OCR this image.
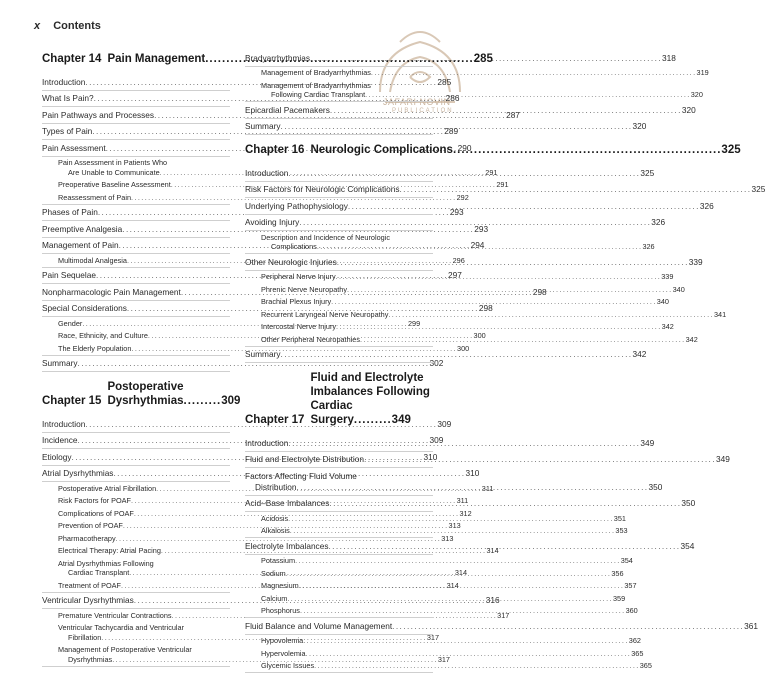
x Contents
JAFARI NOVIN
PUBLICATION
Chapter 14 Pain Management .....	285
Introduction .....	285
What Is Pain? .....	286
Pain Pathways and Processes .....	287
Types of Pain .....	289
Pain Assessment .....	290
Pain Assessment in Patients Who
Are Unable to Communicate .....	291
Preoperative Baseline Assessment .....	291
Reassessment of Pain .....	292
Phases of Pain .....	293
Preemptive Analgesia .....	293
Management of Pain .....	294
Multimodal Analgesia .....	296
Pain Sequelae .....	297
Nonpharmacologic Pain Management .....	298
Special Considerations .....	298
Gender .....	299
Race, Ethnicity, and Culture .....	300
The Elderly Population .....	300
Summary .....	302
Chapter 15
Postoperative
Dysrhythmias .....	309
Introduction .....	309
Incidence .....	309
Etiology .....	310
Atrial Dysrhythmias .....	310
Postoperative Atrial Fibrillation .....	311
Risk Factors for POAF .....	311
Complications of POAF .....	312
Prevention of POAF .....	313
Pharmacotherapy .....	313
Electrical Therapy: Atrial Pacing .....	314
Atrial Dysrhythmias Following
Cardiac Transplant .....	314
Treatment of POAF .....	314
Ventricular Dysrhythmias .....	316
Premature Ventricular Contractions .....	317
Ventricular Tachycardia and Ventricular
Fibrillation .....	317
Management of Postoperative Ventricular
Dysrhythmias .....	317
Bradyarrhythmias .....	318
Management of Bradyarrhythmias .....	319
Management of Bradyarrhythmias
Following Cardiac Transplant .....	320
Epicardial Pacemakers .....	320
Summary .....	320
Chapter 16 Neurologic Complications .....	325
Introduction .....	325
Risk Factors for Neurologic Complications .....	325
Underlying Pathophysiology .....	326
Avoiding Injury .....	326
Description and Incidence of Neurologic
Complications .....	326
Other Neurologic Injuries .....	339
Peripheral Nerve Injury .....	339
Phrenic Nerve Neuropathy .....	340
Brachial Plexus Injury .....	340
Recurrent Laryngeal Nerve Neuropathy .....	341
Intercostal Nerve Injury .....	342
Other Peripheral Neuropathies .....	342
Summary .....	342
Chapter 17
Fluid and Electrolyte
Imbalances Following
Cardiac Surgery .....	349
Introduction .....	349
Fluid and Electrolyte Distribution .....	349
Factors Affecting Fluid Volume
Distribution .....	350
Acid–Base Imbalances .....	350
Acidosis .....	351
Alkalosis .....	353
Electrolyte Imbalances .....	354
Potassium .....	354
Sodium .....	356
Magnesium .....	357
Calcium .....	359
Phosphorus .....	360
Fluid Balance and Volume Management .....	361
Hypovolemia .....	362
Hypervolemia .....	365
Glycemic Issues .....	365
